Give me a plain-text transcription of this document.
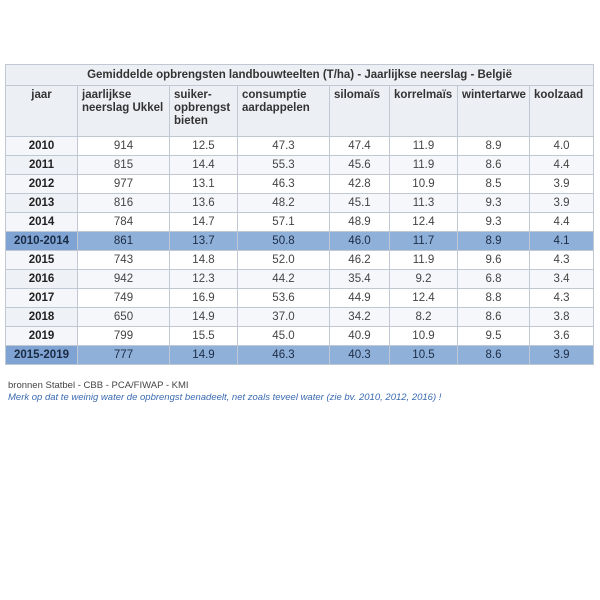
Gemiddelde opbrengsten landbouwteelten (T/ha) - Jaarlijkse neerslag - België							
jaar	jaarlijkse neerslag Ukkel	suiker-opbrengst bieten	consumptie aardappelen	silomaïs	korrelmaïs	wintertarwe	koolzaad
2010	914	12.5	47.3	47.4	11.9	8.9	4.0
2011	815	14.4	55.3	45.6	11.9	8.6	4.4
2012	977	13.1	46.3	42.8	10.9	8.5	3.9
2013	816	13.6	48.2	45.1	11.3	9.3	3.9
2014	784	14.7	57.1	48.9	12.4	9.3	4.4
2010-2014	861	13.7	50.8	46.0	11.7	8.9	4.1
2015	743	14.8	52.0	46.2	11.9	9.6	4.3
2016	942	12.3	44.2	35.4	9.2	6.8	3.4
2017	749	16.9	53.6	44.9	12.4	8.8	4.3
2018	650	14.9	37.0	34.2	8.2	8.6	3.8
2019	799	15.5	45.0	40.9	10.9	9.5	3.6
2015-2019	777	14.9	46.3	40.3	10.5	8.6	3.9
bronnen Statbel - CBB - PCA/FIWAP - KMI
Merk op dat te weinig water de opbrengst benadeelt, net zoals teveel water (zie bv. 2010, 2012, 2016) !
